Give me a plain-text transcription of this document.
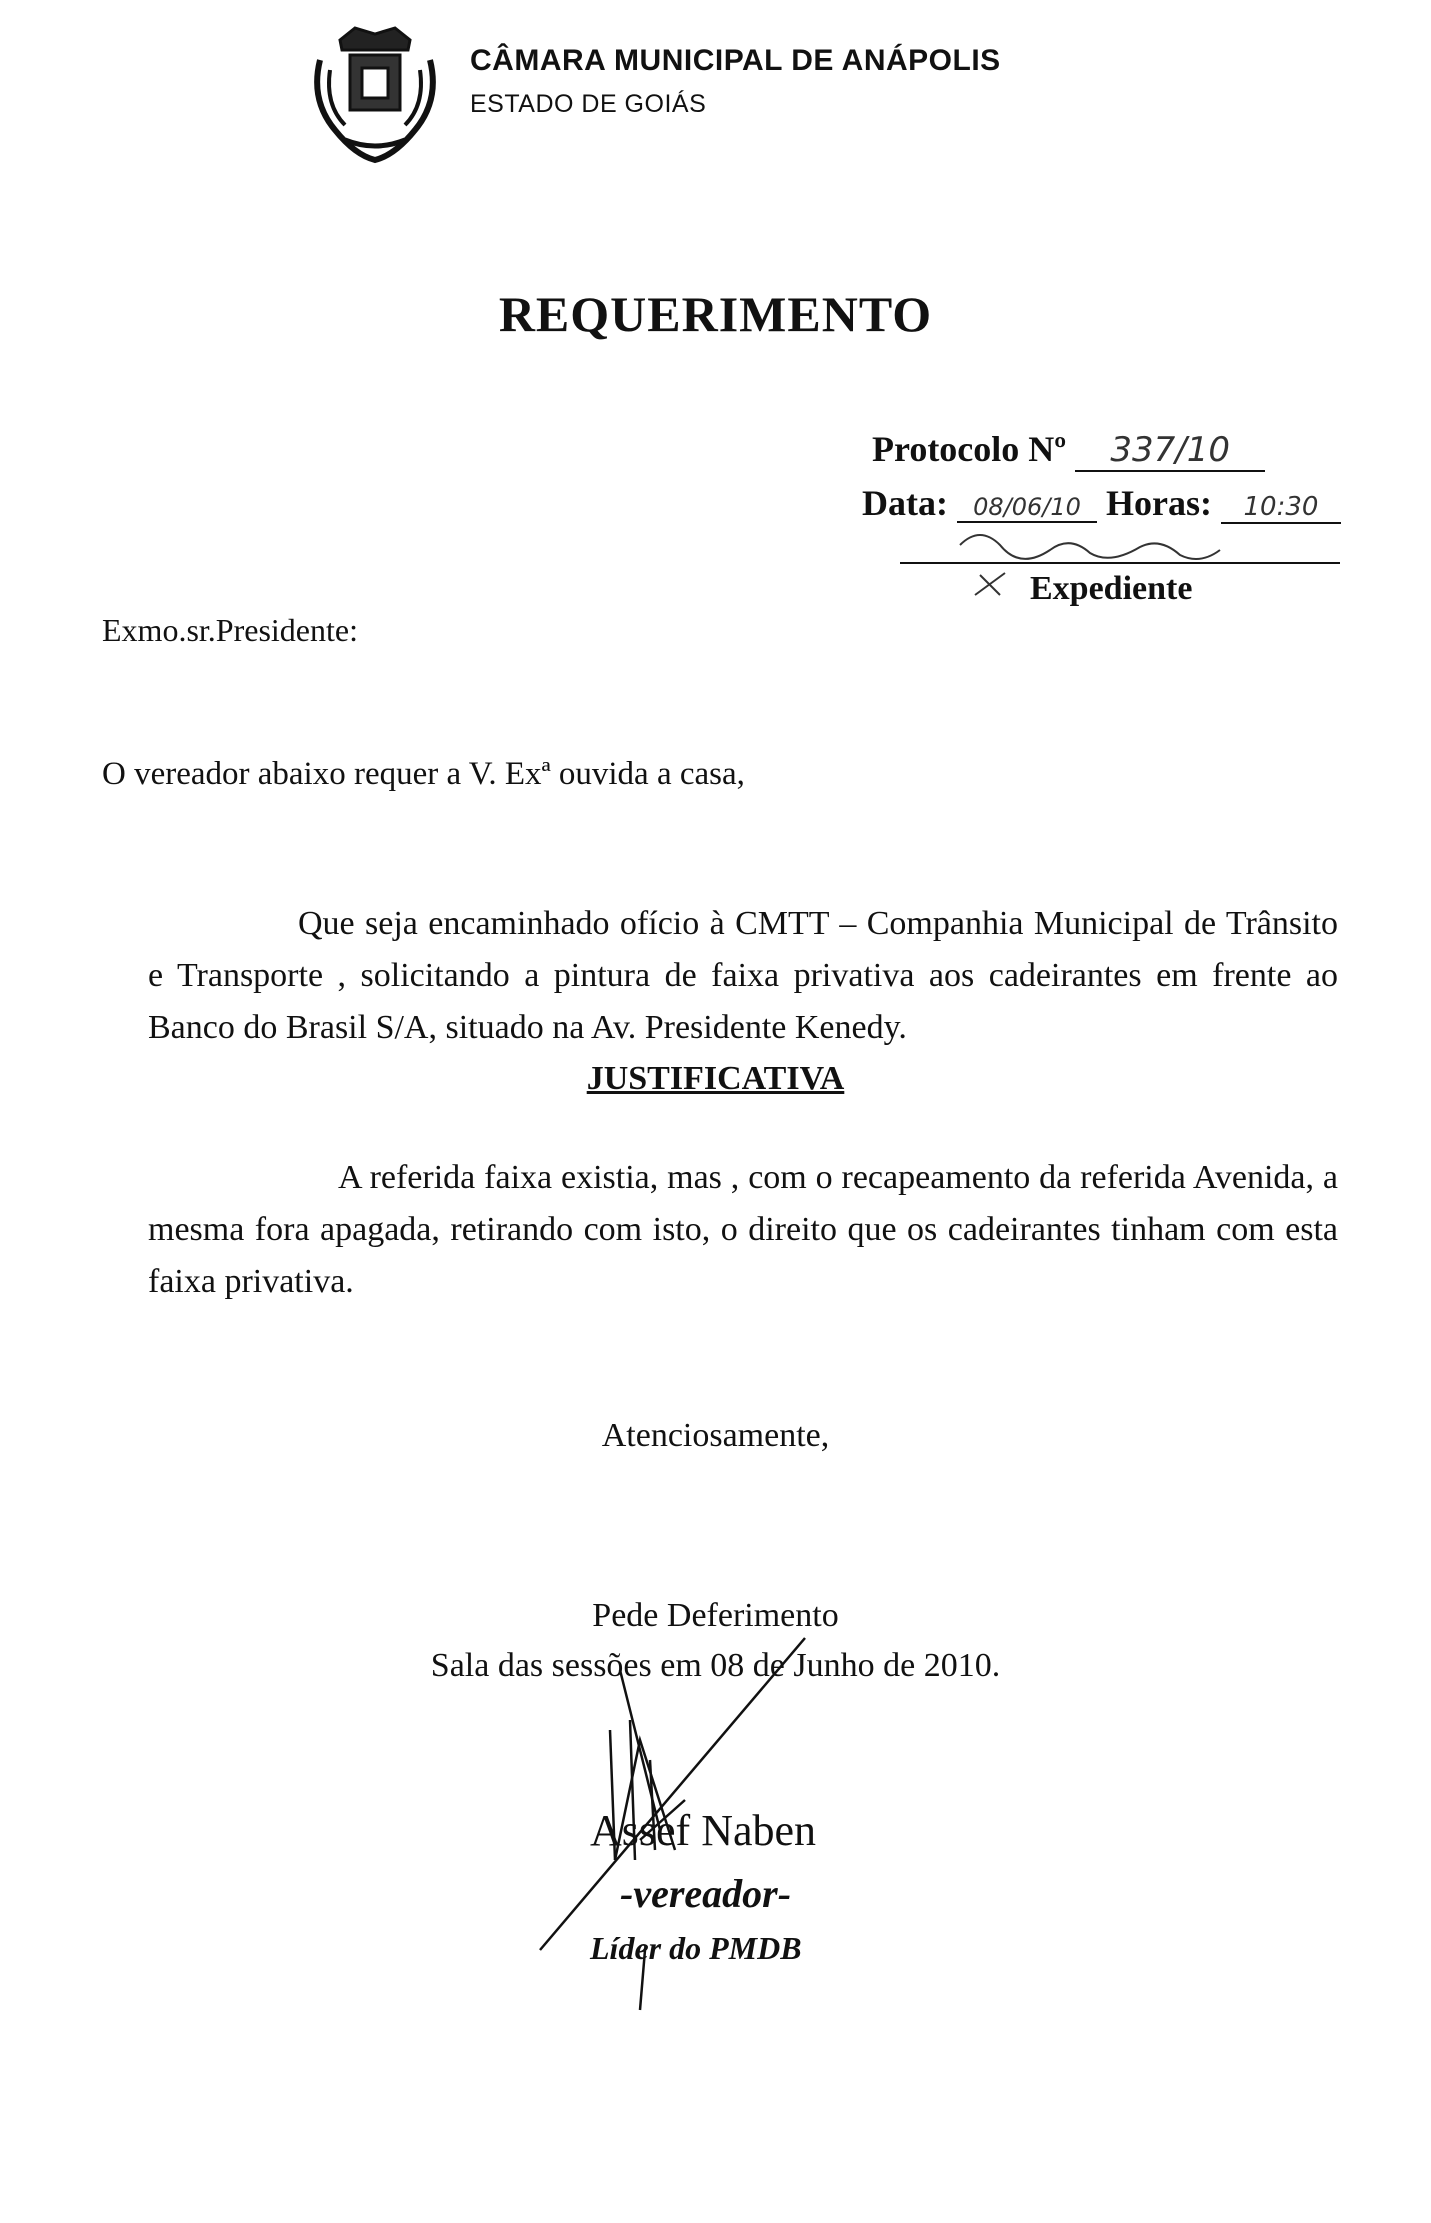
CÂMARA MUNICIPAL DE ANÁPOLIS
ESTADO DE GOIÁS
REQUERIMENTO
Protocolo Nº 337/10
Data: 08/06/10 Horas: 10:30
Expediente
Exmo.sr.Presidente:
O vereador abaixo requer a V. Exª ouvida a casa,
Que seja encaminhado ofício à CMTT – Companhia Municipal de Trânsito e Transporte , solicitando a pintura de faixa privativa aos cadeirantes em frente ao Banco do Brasil S/A, situado na Av. Presidente Kenedy.
JUSTIFICATIVA
A referida faixa existia, mas , com o recapeamento da referida Avenida, a mesma fora apagada, retirando com isto, o direito que os cadeirantes tinham com esta faixa privativa.
Atenciosamente,
Pede Deferimento
Sala das sessões em 08 de Junho de 2010.
Assef Naben
-vereador-
Líder do PMDB
